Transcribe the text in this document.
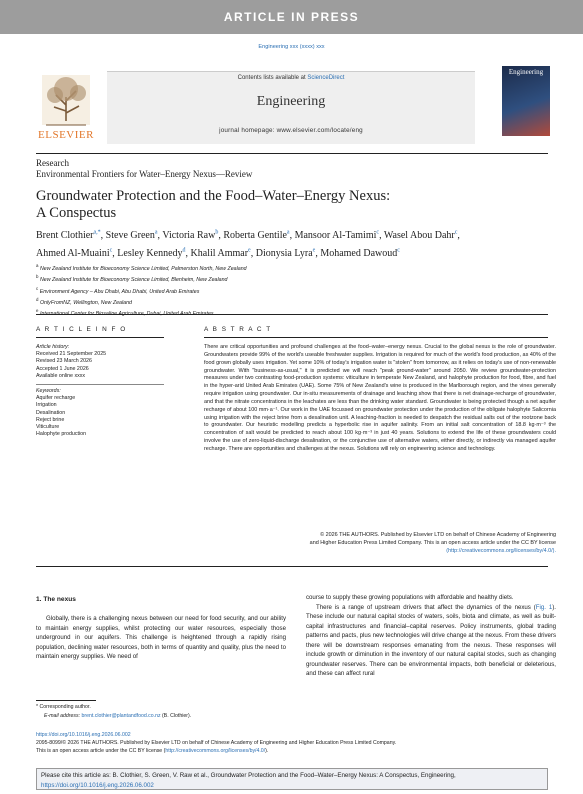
ARTICLE IN PRESS
Engineering xxx (xxxx) xxx
ELSEVIER
Contents lists available at ScienceDirect
Engineering
journal homepage: www.elsevier.com/locate/eng
Engineering
Research
Environmental Frontiers for Water–Energy Nexus—Review
Groundwater Protection and the Food–Water–Energy Nexus:
A Conspectus
Brent Clothier$^{a,*}$, Steve Green$^a$, Victoria Raw$^b$, Roberta Gentile$^a$, Mansoor Al-Tamimi$^c$, Wasel Abou Dahr$^c$,
Ahmed Al-Muaini$^c$, Lesley Kennedy$^d$, Khalil Ammar$^e$, Dionysia Lyra$^e$, Mohamed Dawoud$^c$
$^a$ New Zealand Institute for Bioeconomy Science Limited, Palmerston North, New Zealand
$^b$ New Zealand Institute for Bioeconomy Science Limited, Blenheim, New Zealand
$^c$ Environment Agency – Abu Dhabi, Abu Dhabi, United Arab Emirates
$^d$ OnlyFromNZ, Wellington, New Zealand
$^e$ International Center for Biosaline Agriculture, Dubai, United Arab Emirates
A R T I C L E I N F O	A B S T R A C T
Article history:
Received 21 September 2025
Revised 23 March 2026
Accepted 1 June 2026
Available online xxxx
Keywords:
Aquifer recharge
Irrigation
Desalination
Reject brine
Viticulture
Halophyte production
There are critical opportunities and profound challenges at the food–water–energy nexus. Crucial to the global nexus is the role of groundwater. Groundwaters provide 99% of the world's useable freshwater supplies. Irrigation is required for much of the world's food production, as 40% of the food grown globally uses irrigation. Yet some 10% of today's irrigation water is "stolen" from tomorrow, as it relies on today's use of non-renewable groundwater. With "business-as-usual," it is predicted we will reach "peak ground-water" around 2050. We review groundwater-protection measures under two contrasting food-production systems: viticulture in temperate New Zealand, and halophyte production for food, fibre, and fuel in the hyper-arid United Arab Emirates (UAE). Some 75% of New Zealand's wine is produced in the Marlborough region, and the vines generally require irrigation using groundwater. Our in-situ measurements of drainage and leaching show that there is net drainage-recharge of groundwater, and that the nitrate concentrations in the leachates are less than the drinking water standard. Groundwater is being protected though a net aquifer recharge of about 100 mm·a⁻¹. Our work in the UAE focussed on groundwater protection under the production of the obligate halophyte Salicornia using irrigation with the reject brine from a desalination unit. A leaching-fraction is needed to despatch the residual salts out of the rootzone back to groundwater. Our heuristic modelling predicts a hyperbolic rise in aquifer salinity. From an initial salt concentration of 18.8 kg·m⁻³ the concentration of salt would be predicted to reach about 100 kg·m⁻³ in just 40 years. Solutions to extend the life of these groundwaters could involve the use of zero-liquid-discharge desalination, or the conjunctive use of alternative waters, either directly, or indirectly via managed aquifer recharge. There are opportunities and challenges at the nexus. Solutions will rely on engineering science and technology.
© 2026 THE AUTHORS. Published by Elsevier LTD on behalf of Chinese Academy of Engineering
and Higher Education Press Limited Company. This is an open access article under the CC BY license
(http://creativecommons.org/licenses/by/4.0/).
1. The nexus
Globally, there is a challenging nexus between our need for food security, and our ability to maintain energy supplies, whilst protecting our water resources, especially those underground in our aquifers. This challenge is heightened through a rapidly rising population, declining water resources, both in terms of quantity and quality, plus the need to maintain energy supplies. We need of
course to supply these growing populations with affordable and healthy diets.
There is a range of upstream drivers that affect the dynamics of the nexus (Fig. 1). These include our natural capital stocks of waters, soils, biota and climate, as well as built-capital infrastructures and financial–capital reserves. Policy instruments, global trading patterns and pacts, plus new technologies will drive change at the nexus. From these drivers there will be downstream responses emanating from the nexus. These responses will include growth or diminution in the inventory of our natural capital stocks, such as changing groundwater reserves. There can be environmental impacts, both beneficial or deleterious, and these can affect rural
* Corresponding author.
E-mail address: brent.clothier@plantandfood.co.nz (B. Clothier).
https://doi.org/10.1016/j.eng.2026.06.002
2095-8099/© 2026 THE AUTHORS. Published by Elsevier LTD on behalf of Chinese Academy of Engineering and Higher Education Press Limited Company.
This is an open access article under the CC BY license (http://creativecommons.org/licenses/by/4.0/).
Please cite this article as: B. Clothier, S. Green, V. Raw et al., Groundwater Protection and the Food–Water–Energy Nexus: A Conspectus, Engineering,
https://doi.org/10.1016/j.eng.2026.06.002
